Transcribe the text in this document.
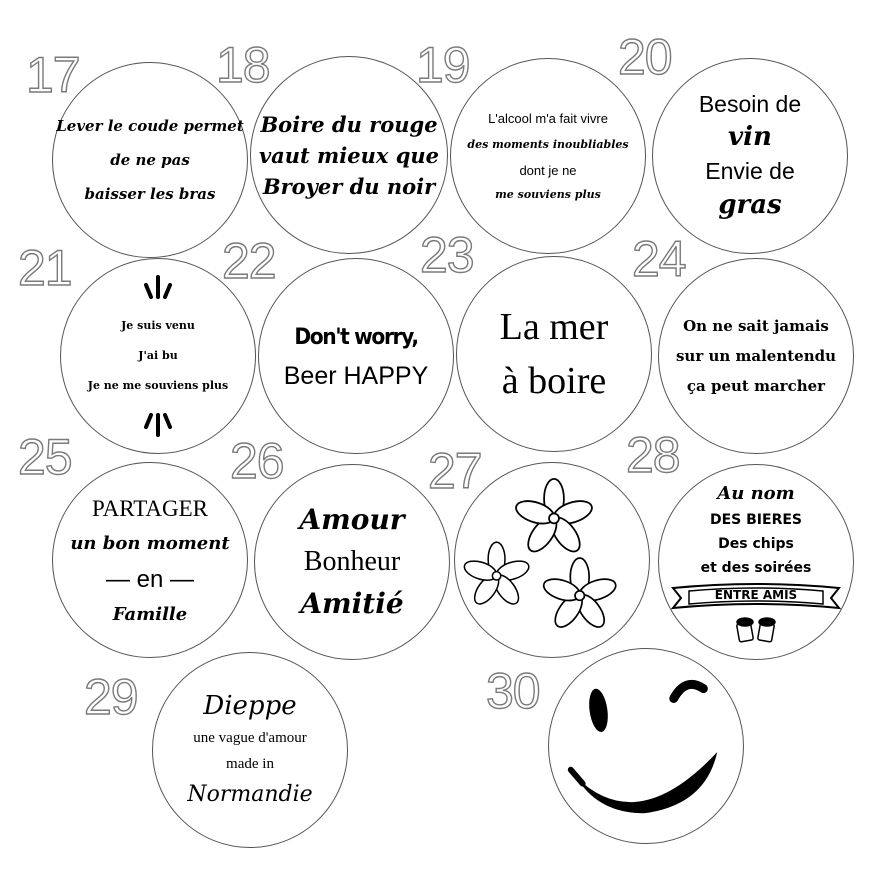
17	18	19	20
21	22	23	24
25	26	27	28
29	30
Lever le coude permet
de ne pas
baisser les bras
Boire du rouge
vaut mieux que
Broyer du noir
L'alcool m'a fait vivre
des moments inoubliables
dont je ne
me souviens plus
Besoin de
vin
Envie de
gras
Je suis venu
J'ai bu
Je ne me souviens plus
Don't worry,
Beer HAPPY
La mer
à boire
On ne sait jamais
sur un malentendu
ça peut marcher
PARTAGER
un bon moment
— en —
Famille
Amour
Bonheur
Amitié
Au nom
DES BIERES
Des chips
et des soirées
ENTRE AMIS
Dieppe
une vague d'amour
made in
Normandie
